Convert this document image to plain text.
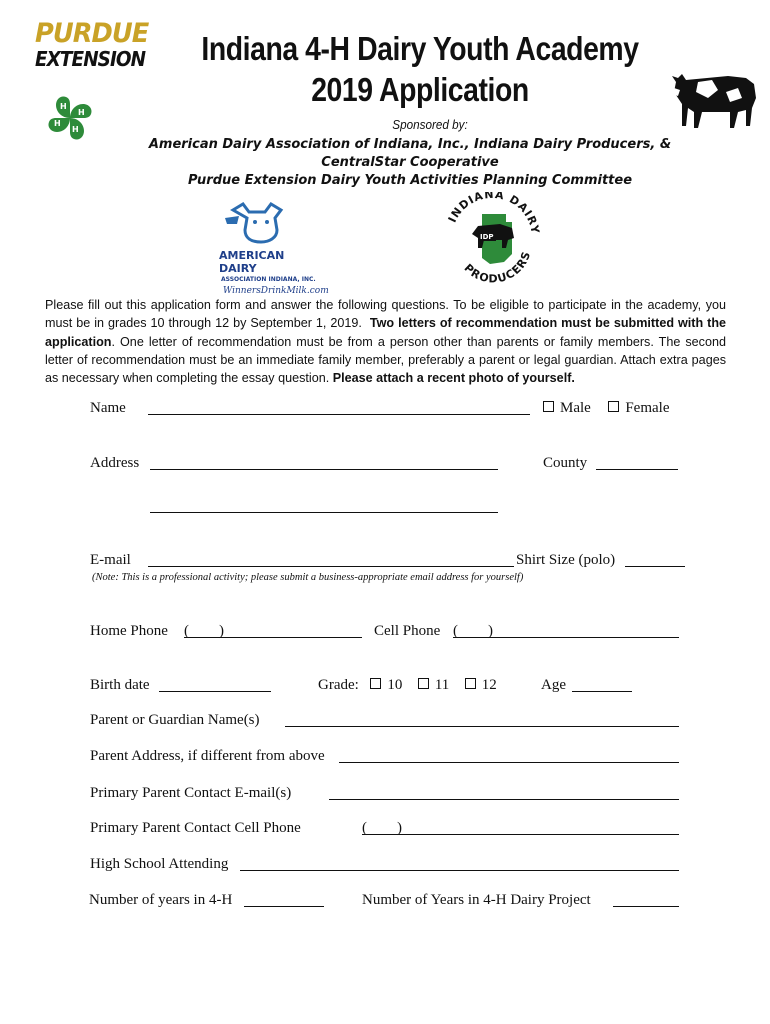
PURDUE
EXTENSION
H
H
H
H
Indiana 4-H Dairy Youth Academy
2019 Application
Sponsored by:
American Dairy Association of Indiana, Inc., Indiana Dairy Producers, &
CentralStar Cooperative
Purdue Extension Dairy Youth Activities Planning Committee
AMERICAN DAIRY
ASSOCIATION INDIANA, INC.
WinnersDrinkMilk.com
IDP
INDIANA DAIRY
PRODUCERS
Please fill out this application form and answer the following questions. To be eligible to participate in the academy, you must be in grades 10 through 12 by September 1, 2019. Two letters of recommendation must be submitted with the application. One letter of recommendation must be from a person other than parents or family members. The second letter of recommendation must be an immediate family member, preferably a parent or legal guardian. Attach extra pages as necessary when completing the essay question. Please attach a recent photo of yourself.
Name	Male Female
Address	County
E-mail	Shirt Size (polo)
(Note: This is a professional activity; please submit a business-appropriate email address for yourself)
Home Phone (        )	Cell Phone (        )
Birth date	Grade: 10 11 12	Age
Parent or Guardian Name(s)
Parent Address, if different from above
Primary Parent Contact E-mail(s)
Primary Parent Contact Cell Phone	(        )
High School Attending
Number of years in 4-H	Number of Years in 4-H Dairy Project
